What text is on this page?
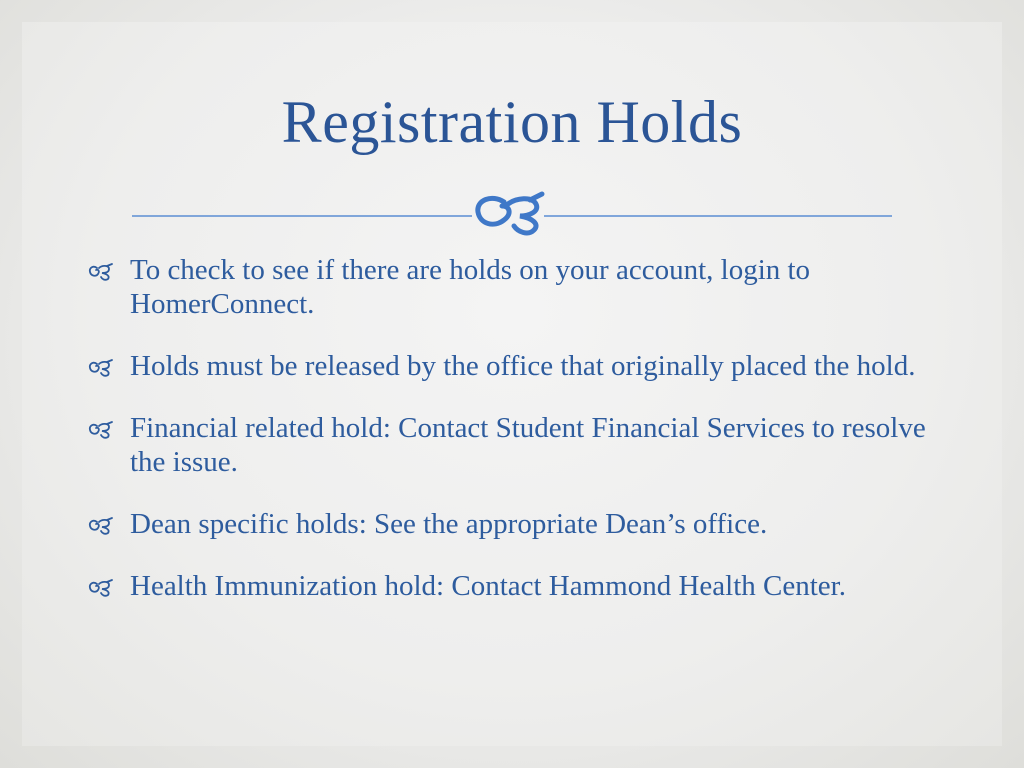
Registration Holds
To check to see if there are holds on your account, login to HomerConnect.
Holds must be released by the office that originally placed the hold.
Financial related hold: Contact Student Financial Services to resolve the issue.
Dean specific holds: See the appropriate Dean’s office.
Health Immunization hold: Contact Hammond Health Center.
